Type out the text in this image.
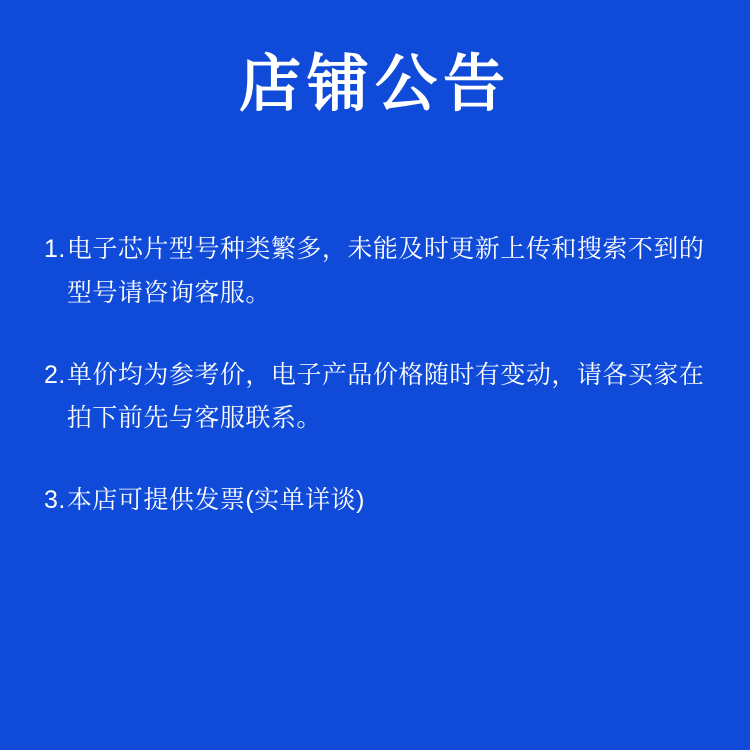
店铺公告
1. 电子芯片型号种类繁多，未能及时更新上传和搜索不到的型号请咨询客服。
2. 单价均为参考价，电子产品价格随时有变动，请各买家在拍下前先与客服联系。
3. 本店可提供发票(实单详谈)
